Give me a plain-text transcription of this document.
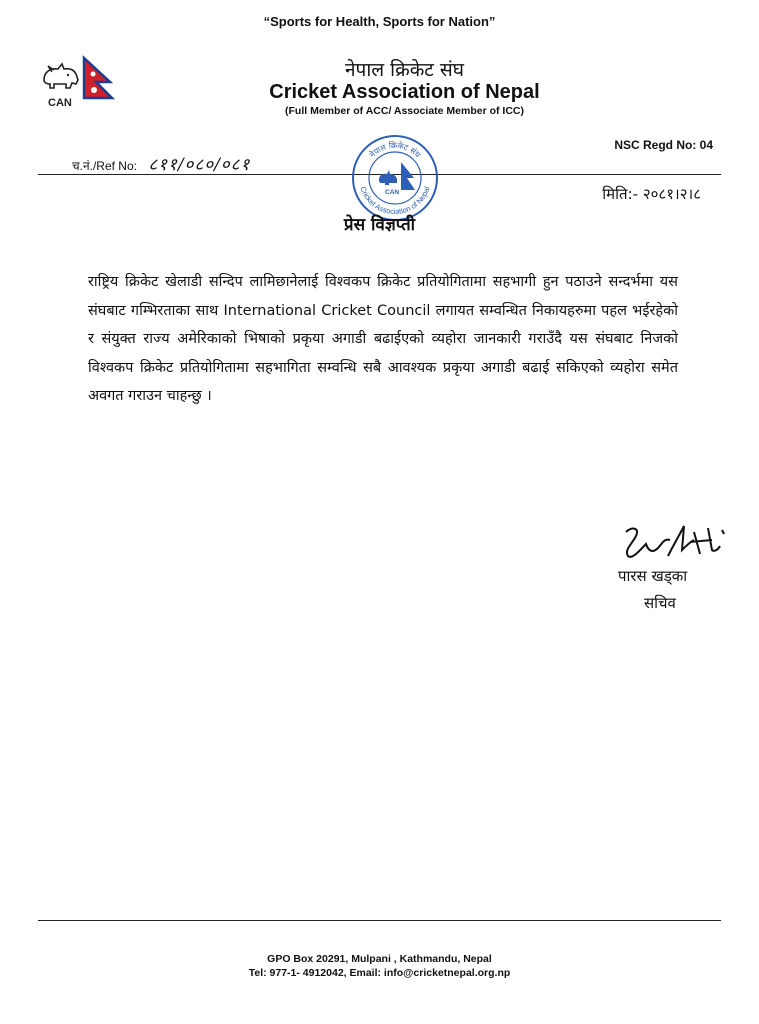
“Sports for Health, Sports for Nation”
CAN
नेपाल क्रिकेट संघ
Cricket Association of Nepal
(Full Member of ACC/ Associate Member of ICC)
NSC Regd No: 04
च.नं./Ref No: ८११/०८०/०८१
नेपाल क्रिकेट संघ
Cricket Association of Nepal
CAN	मिति:- २०८१।२।८
प्रेस विज्ञप्ती
राष्ट्रिय क्रिकेट खेलाडी सन्दिप लामिछानेलाई विश्वकप क्रिकेट प्रतियोगितामा सहभागी हुन पठाउने सन्दर्भमा यस संघबाट गम्भिरताका साथ International Cricket Council लगायत सम्वन्धित निकायहरुमा पहल भईरहेको र संयुक्त राज्य अमेरिकाको भिषाको प्रकृया अगाडी बढाईएको व्यहोरा जानकारी गराउँदै यस संघबाट निजको विश्वकप क्रिकेट प्रतियोगितामा सहभागिता सम्वन्धि सबै आवश्यक प्रकृया अगाडी बढाई सकिएको व्यहोरा समेत अवगत गराउन चाहन्छु ।
पारस खड्का
सचिव
GPO Box 20291, Mulpani , Kathmandu, Nepal
Tel: 977-1- 4912042, Email: info@cricketnepal.org.np
